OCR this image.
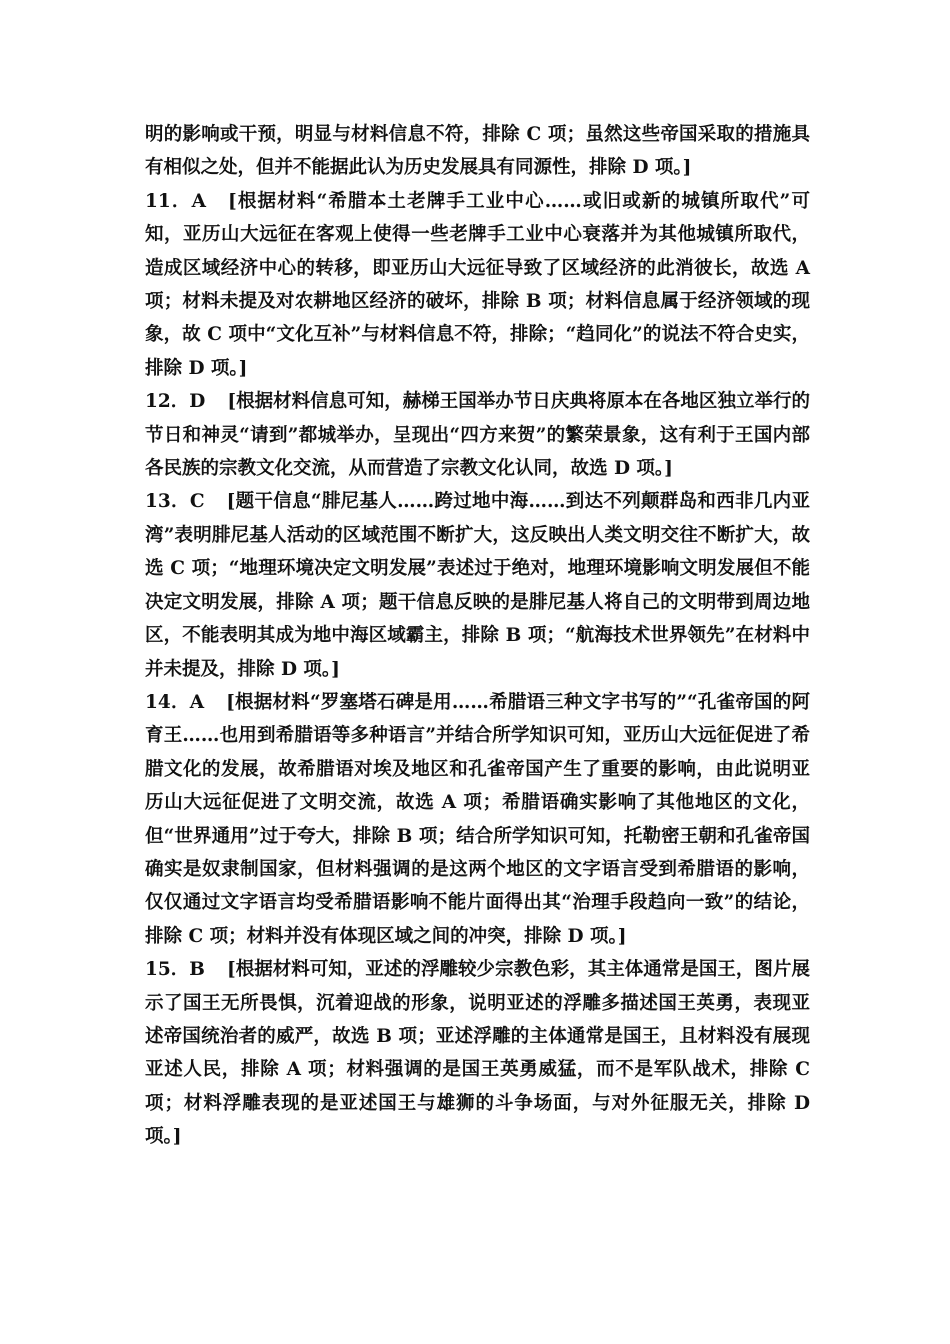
明的影响或干预，明显与材料信息不符，排除 C 项；虽然这些帝国采取的措施具有相似之处，但并不能据此认为历史发展具有同源性，排除 D 项。]

11．A [根据材料“希腊本土老牌手工业中心……或旧或新的城镇所取代”可知，亚历山大远征在客观上使得一些老牌手工业中心衰落并为其他城镇所取代，造成区域经济中心的转移，即亚历山大远征导致了区域经济的此消彼长，故选 A 项；材料未提及对农耕地区经济的破坏，排除 B 项；材料信息属于经济领域的现象，故 C 项中“文化互补”与材料信息不符，排除；“趋同化”的说法不符合史实，排除 D 项。]

12．D [根据材料信息可知，赫梯王国举办节日庆典将原本在各地区独立举行的节日和神灵“请到”都城举办，呈现出“四方来贺”的繁荣景象，这有利于王国内部各民族的宗教文化交流，从而营造了宗教文化认同，故选 D 项。]

13．C [题干信息“腓尼基人……跨过地中海……到达不列颠群岛和西非几内亚湾”表明腓尼基人活动的区域范围不断扩大，这反映出人类文明交往不断扩大，故选 C 项；“地理环境决定文明发展”表述过于绝对，地理环境影响文明发展但不能决定文明发展，排除 A 项；题干信息反映的是腓尼基人将自己的文明带到周边地区，不能表明其成为地中海区域霸主，排除 B 项；“航海技术世界领先”在材料中并未提及，排除 D 项。]

14．A [根据材料“罗塞塔石碑是用……希腊语三种文字书写的”“孔雀帝国的阿育王……也用到希腊语等多种语言”并结合所学知识可知，亚历山大远征促进了希腊文化的发展，故希腊语对埃及地区和孔雀帝国产生了重要的影响，由此说明亚历山大远征促进了文明交流，故选 A 项；希腊语确实影响了其他地区的文化，但“世界通用”过于夸大，排除 B 项；结合所学知识可知，托勒密王朝和孔雀帝国确实是奴隶制国家，但材料强调的是这两个地区的文字语言受到希腊语的影响，仅仅通过文字语言均受希腊语影响不能片面得出其“治理手段趋向一致”的结论，排除 C 项；材料并没有体现区域之间的冲突，排除 D 项。]

15．B [根据材料可知，亚述的浮雕较少宗教色彩，其主体通常是国王，图片展示了国王无所畏惧，沉着迎战的形象，说明亚述的浮雕多描述国王英勇，表现亚述帝国统治者的威严，故选 B 项；亚述浮雕的主体通常是国王，且材料没有展现亚述人民，排除 A 项；材料强调的是国王英勇威猛，而不是军队战术，排除 C 项；材料浮雕表现的是亚述国王与雄狮的斗争场面，与对外征服无关，排除 D 项。]
